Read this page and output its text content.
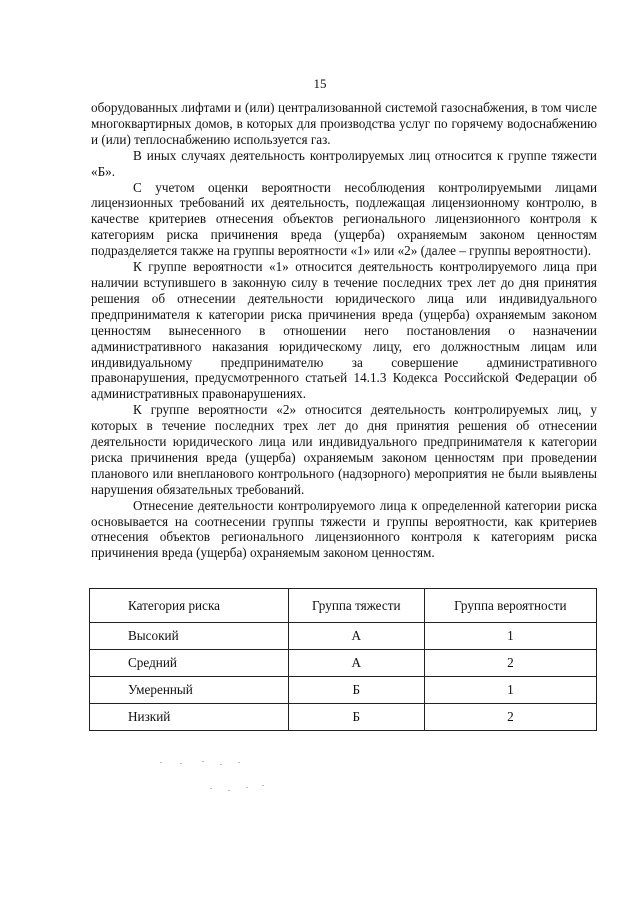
15

оборудованных лифтами и (или) централизованной системой газоснабжения, в том числе многоквартирных домов, в которых для производства услуг по горячему водоснабжению и (или) теплоснабжению используется газ.

В иных случаях деятельность контролируемых лиц относится к группе тяжести «Б».

С учетом оценки вероятности несоблюдения контролируемыми лицами лицензионных требований их деятельность, подлежащая лицензионному контролю, в качестве критериев отнесения объектов регионального лицензионного контроля к категориям риска причинения вреда (ущерба) охраняемым законом ценностям подразделяется также на группы вероятности «1» или «2» (далее – группы вероятности).

К группе вероятности «1» относится деятельность контролируемого лица при наличии вступившего в законную силу в течение последних трех лет до дня принятия решения об отнесении деятельности юридического лица или индивидуального предпринимателя к категории риска причинения вреда (ущерба) охраняемым законом ценностям вынесенного в отношении него постановления о назначении административного наказания юридическому лицу, его должностным лицам или индивидуальному предпринимателю за совершение административного правонарушения, предусмотренного статьей 14.1.3 Кодекса Российской Федерации об административных правонарушениях.

К группе вероятности «2» относится деятельность контролируемых лиц, у которых в течение последних трех лет до дня принятия решения об отнесении деятельности юридического лица или индивидуального предпринимателя к категории риска причинения вреда (ущерба) охраняемым законом ценностям при проведении планового или внепланового контрольного (надзорного) мероприятия не были выявлены нарушения обязательных требований.

Отнесение деятельности контролируемого лица к определенной категории риска основывается на соотнесении группы тяжести и группы вероятности, как критериев отнесения объектов регионального лицензионного контроля к категориям риска причинения вреда (ущерба) охраняемым законом ценностям.

Категория риска	Группа тяжести	Группа вероятности
Высокий	А	1
Средний	А	2
Умеренный	Б	1
Низкий	Б	2
